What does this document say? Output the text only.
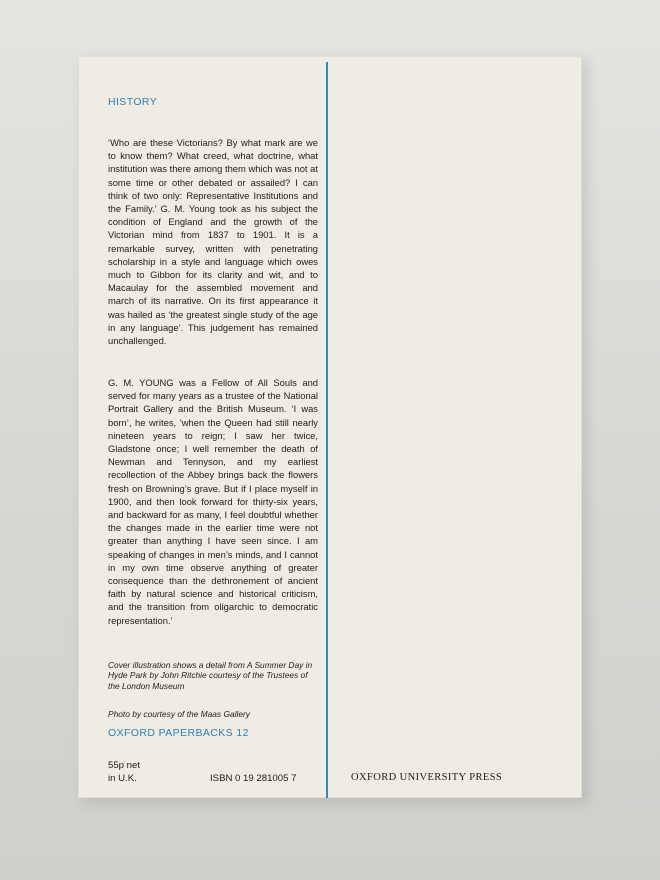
HISTORY
‘Who are these Victorians? By what mark are we to know them? What creed, what doctrine, what institution was there among them which was not at some time or other debated or assailed? I can think of two only: Representative Institutions and the Family.’ G. M. Young took as his subject the condition of England and the growth of the Victorian mind from 1837 to 1901. It is a remarkable survey, written with penetrating scholarship in a style and language which owes much to Gibbon for its clarity and wit, and to Macaulay for the assembled movement and march of its narrative. On its first appearance it was hailed as ‘the greatest single study of the age in any language’. This judgement has remained unchallenged.
G. M. YOUNG was a Fellow of All Souls and served for many years as a trustee of the National Portrait Gallery and the British Museum. ‘I was born’, he writes, ‘when the Queen had still nearly nineteen years to reign; I saw her twice, Gladstone once; I well remember the death of Newman and Tennyson, and my earliest recollection of the Abbey brings back the flowers fresh on Browning’s grave. But if I place myself in 1900, and then look forward for thirty-six years, and backward for as many, I feel doubtful whether the changes made in the earlier time were not greater than anything I have seen since. I am speaking of changes in men’s minds, and I cannot in my own time observe anything of greater consequence than the dethronement of ancient faith by natural science and historical criticism, and the transition from oligarchic to democratic representation.’
Cover illustration shows a detail from A Summer Day in Hyde Park by John Ritchie courtesy of the Trustees of the London Museum
Photo by courtesy of the Maas Gallery
OXFORD PAPERBACKS 12
55p net
in U.K.	ISBN 0 19 281005 7	OXFORD UNIVERSITY PRESS
